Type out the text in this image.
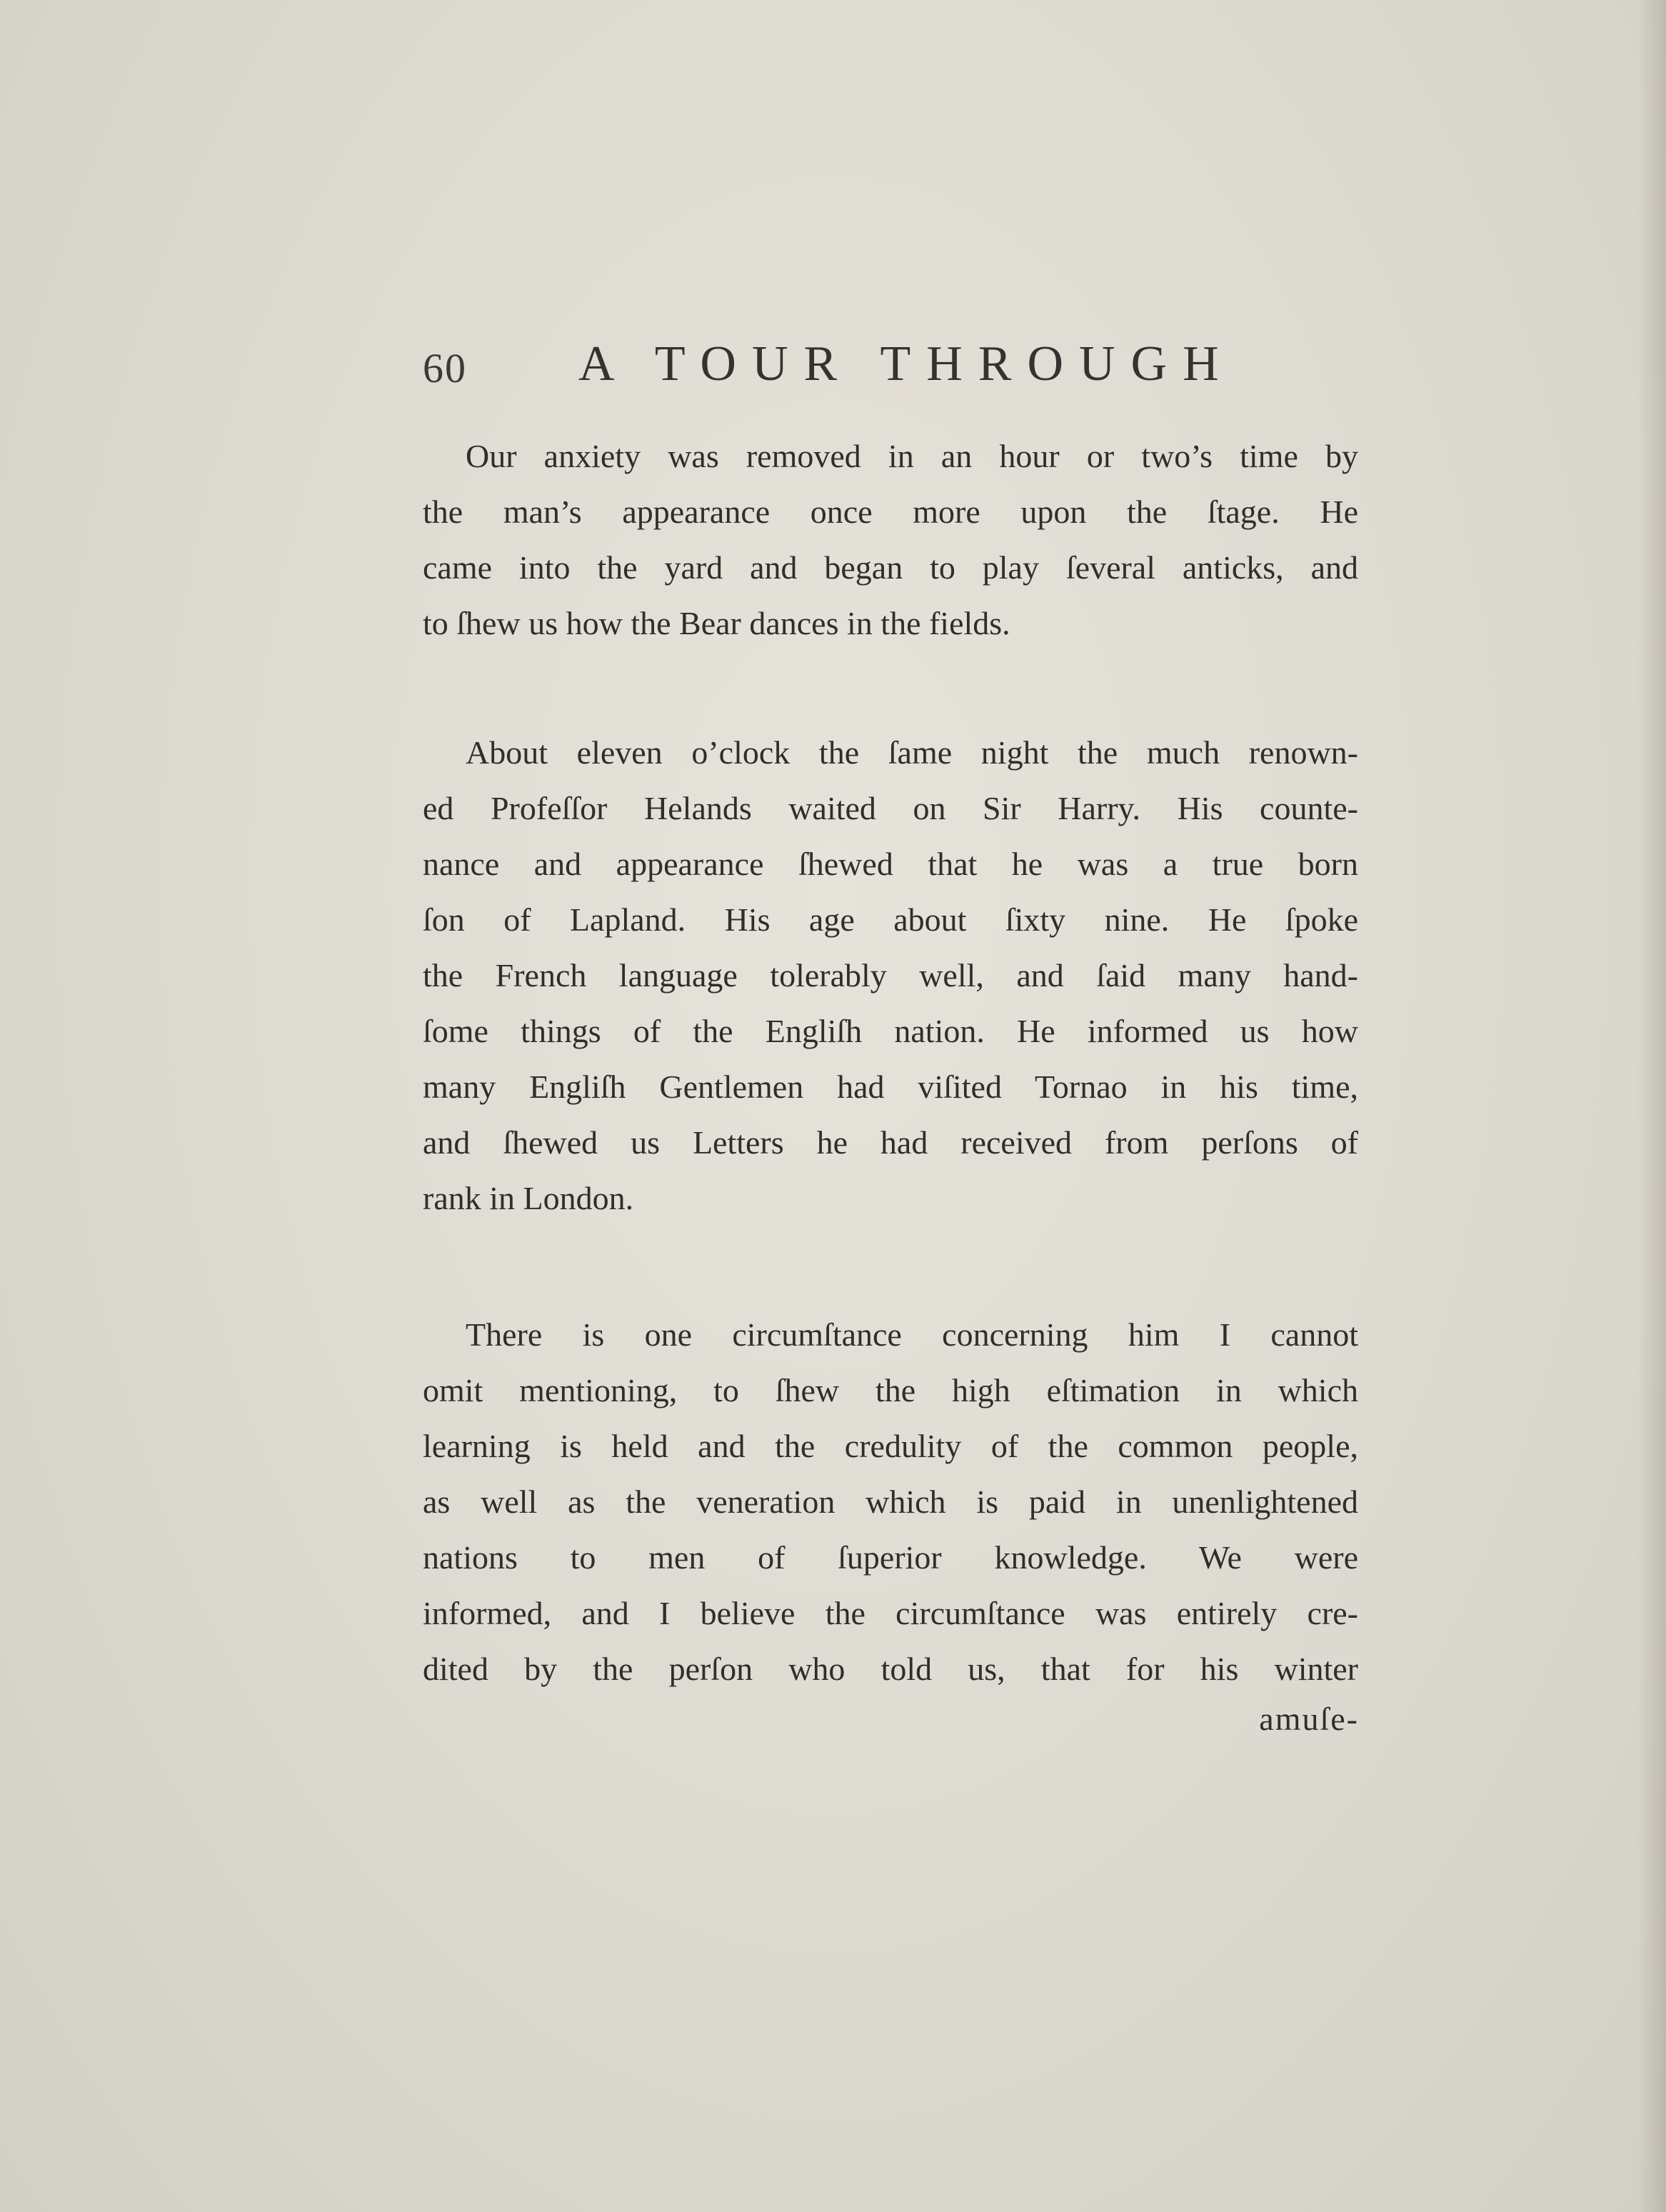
60 A TOUR THROUGH
Our anxiety was removed in an hour or two’s time by
the man’s appearance once more upon the ſtage. He
came into the yard and began to play ſeveral anticks, and
to ſhew us how the Bear dances in the fields.
About eleven o’clock the ſame night the much renown-
ed Profeſſor Helands waited on Sir Harry. His counte-
nance and appearance ſhewed that he was a true born
ſon of Lapland. His age about ſixty nine. He ſpoke
the French language tolerably well, and ſaid many hand-
ſome things of the Engliſh nation. He informed us how
many Engliſh Gentlemen had viſited Tornao in his time,
and ſhewed us Letters he had received from perſons of
rank in London.
There is one circumſtance concerning him I cannot
omit mentioning, to ſhew the high eſtimation in which
learning is held and the credulity of the common people,
as well as the veneration which is paid in unenlightened
nations to men of ſuperior knowledge. We were
informed, and I believe the circumſtance was entirely cre-
dited by the perſon who told us, that for his winter
amuſe-
